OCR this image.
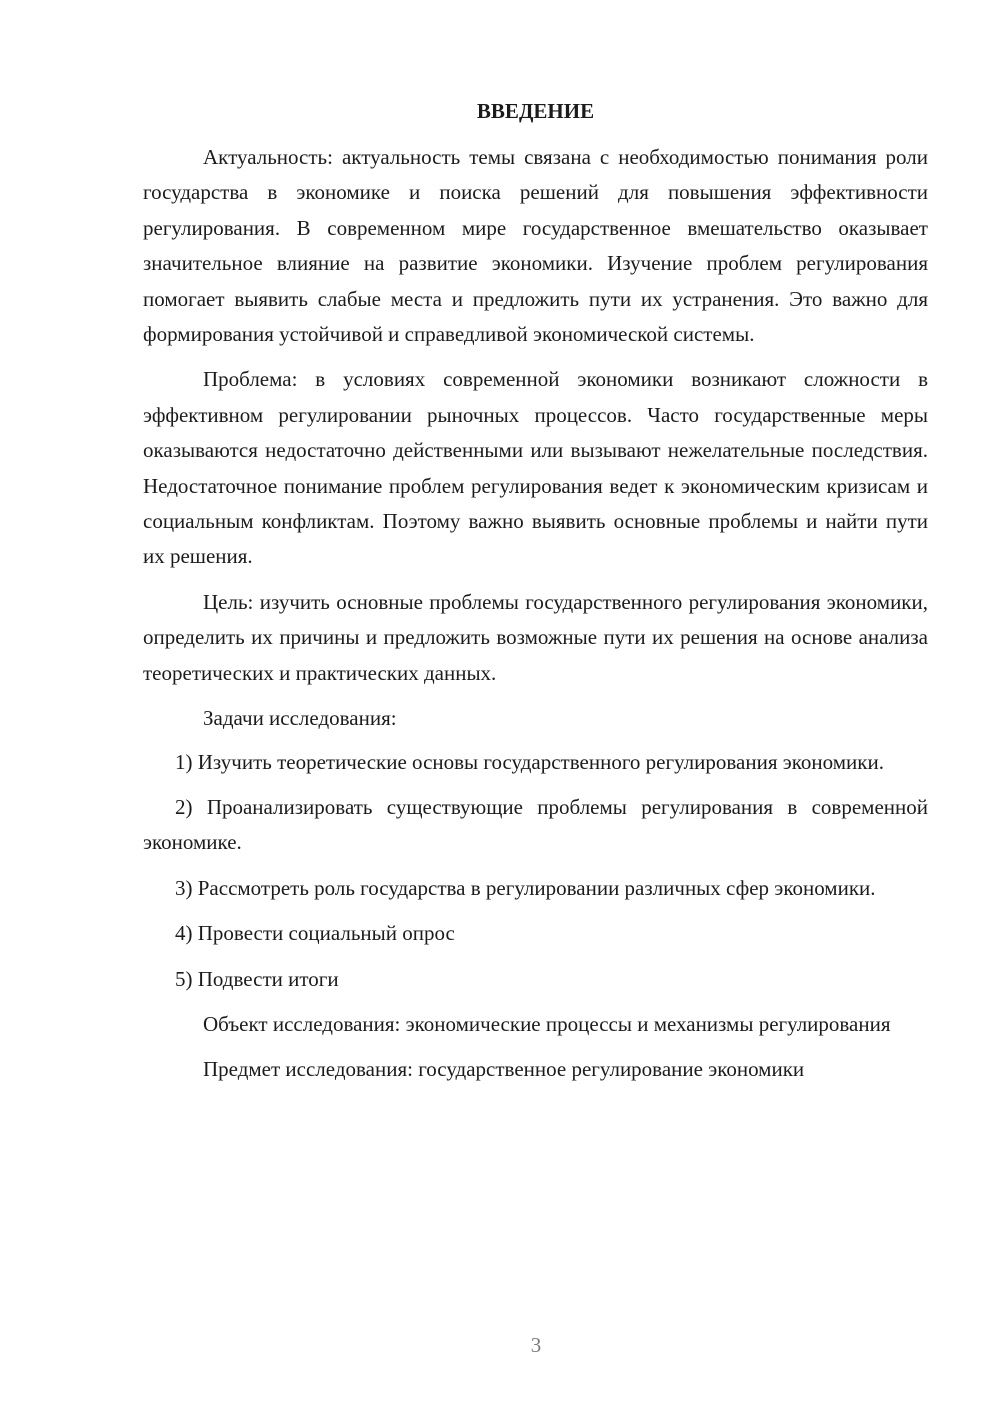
ВВЕДЕНИЕ

Актуальность: актуальность темы связана с необходимостью понимания роли государства в экономике и поиска решений для повышения эффективности регулирования. В современном мире государственное вмешательство оказывает значительное влияние на развитие экономики. Изучение проблем регулирования помогает выявить слабые места и предложить пути их устранения. Это важно для формирования устойчивой и справедливой экономической системы.

Проблема: в условиях современной экономики возникают сложности в эффективном регулировании рыночных процессов. Часто государственные меры оказываются недостаточно действенными или вызывают нежелательные последствия. Недостаточное понимание проблем регулирования ведет к экономическим кризисам и социальным конфликтам. Поэтому важно выявить основные проблемы и найти пути их решения.

Цель: изучить основные проблемы государственного регулирования экономики, определить их причины и предложить возможные пути их решения на основе анализа теоретических и практических данных.

Задачи исследования:

1) Изучить теоретические основы государственного регулирования экономики.

2) Проанализировать существующие проблемы регулирования в современной экономике.

3) Рассмотреть роль государства в регулировании различных сфер экономики.

4) Провести социальный опрос

5) Подвести итоги

Объект исследования: экономические процессы и механизмы регулирования

Предмет исследования: государственное регулирование экономики

3
